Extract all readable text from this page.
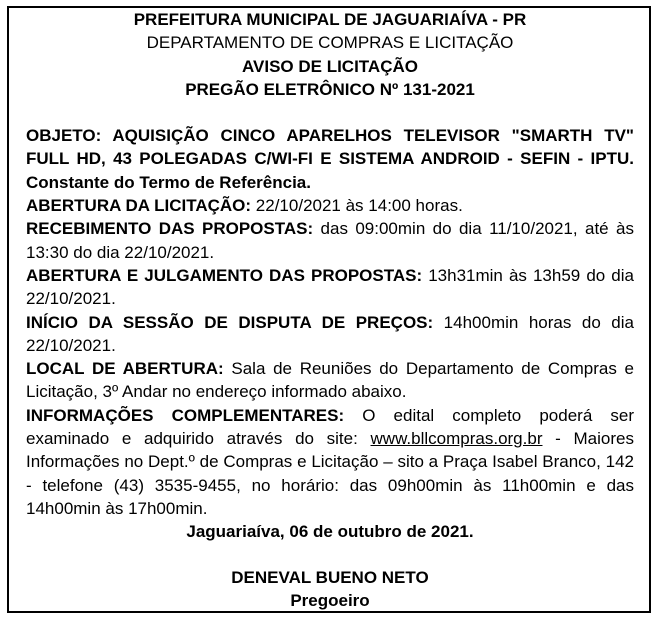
PREFEITURA MUNICIPAL DE JAGUARIAÍVA - PR
DEPARTAMENTO DE COMPRAS E LICITAÇÃO
AVISO DE LICITAÇÃO
PREGÃO ELETRÔNICO Nº 131-2021
OBJETO: AQUISIÇÃO CINCO APARELHOS TELEVISOR "SMARTH TV" FULL HD, 43 POLEGADAS C/WI-FI E SISTEMA ANDROID - SEFIN - IPTU. Constante do Termo de Referência.
ABERTURA DA LICITAÇÃO: 22/10/2021 às 14:00 horas.
RECEBIMENTO DAS PROPOSTAS: das 09:00min do dia 11/10/2021, até às 13:30 do dia 22/10/2021.
ABERTURA E JULGAMENTO DAS PROPOSTAS: 13h31min às 13h59 do dia 22/10/2021.
INÍCIO DA SESSÃO DE DISPUTA DE PREÇOS: 14h00min horas do dia 22/10/2021.
LOCAL DE ABERTURA: Sala de Reuniões do Departamento de Compras e Licitação, 3º Andar no endereço informado abaixo.
INFORMAÇÕES COMPLEMENTARES: O edital completo poderá ser examinado e adquirido através do site: www.bllcompras.org.br - Maiores Informações no Dept.º de Compras e Licitação – sito a Praça Isabel Branco, 142 - telefone (43) 3535-9455, no horário: das 09h00min às 11h00min e das 14h00min às 17h00min.
Jaguariaíva, 06 de outubro de 2021.
DENEVAL BUENO NETO
Pregoeiro
